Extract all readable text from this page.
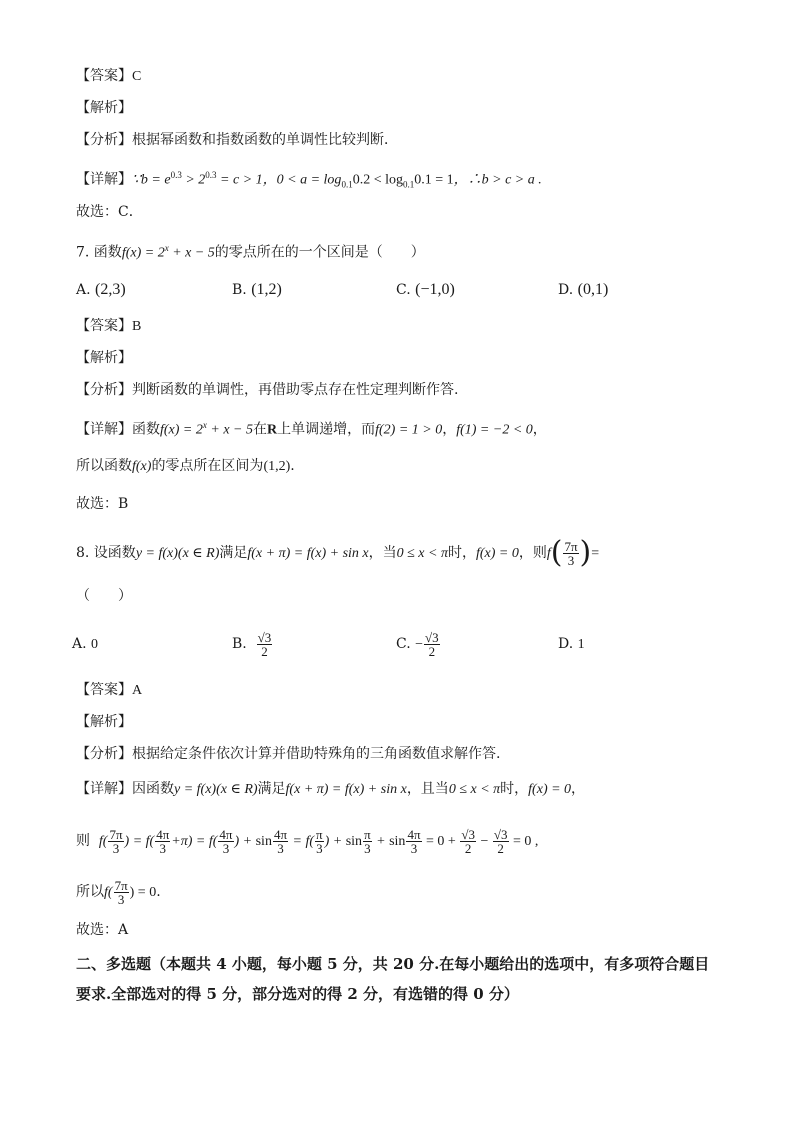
【答案】C
【解析】
【分析】根据幂函数和指数函数的单调性比较判断．
【详解】∵b = $e^{0.3} > 2^{0.3} = c > 1$，$0 < a = \log_{0.1}0.2 < \log_{0.1}0.1 = 1$，∴b > c > a .
故选：C．
7. 函数$f(x) = 2^x + x - 5$的零点所在的一个区间是（　　）
A. (2,3)	B. (1,2)	C. (−1,0)	D. (0,1)
【答案】B
【解析】
【分析】判断函数的单调性，再借助零点存在性定理判断作答.
【详解】函数$f(x) = 2^x + x - 5$在R上单调递增，而f(2) = 1 > 0，f(1) = −2 < 0，
所以函数f(x)的零点所在区间为(1,2).
故选：B
8. 设函数y = f(x)(x ∈ R)满足f(x + π) = f(x) + sin x，当0 ≤ x < π时，f(x) = 0，则$f( \frac{7\pi}{3}$ )=
（　　）
A. 0	B. $\frac{√3}{2}$	C. − $\frac{√3}{2}$	D. 1
【答案】A
【解析】
【分析】根据给定条件依次计算并借助特殊角的三角函数值求解作答.
【详解】因函数y = f(x)(x ∈ R)满足f(x + π) = f(x) + sin x，且当0 ≤ x < π时，f(x) = 0，
则 $f( \frac{7\pi}{3}$ ) = $f( \frac{4\pi}{3} +\pi) = f( \frac{4\pi}{3}$ ) + $\sin \frac{4\pi}{3} = f( \frac{\pi}{3}$ ) + $\sin \frac{\pi}{3} + \sin \frac{4\pi}{3} = 0 + \frac{√3}{2} - \frac{√3}{2} = 0$ ,
所以$f( \frac{7\pi}{3}$ ) = 0.
故选：A
二、多选题（本题共 4 小题，每小题 5 分，共 20 分.在每小题给出的选项中，有多项符合题目
要求.全部选对的得 5 分，部分选对的得 2 分，有选错的得 0 分）
